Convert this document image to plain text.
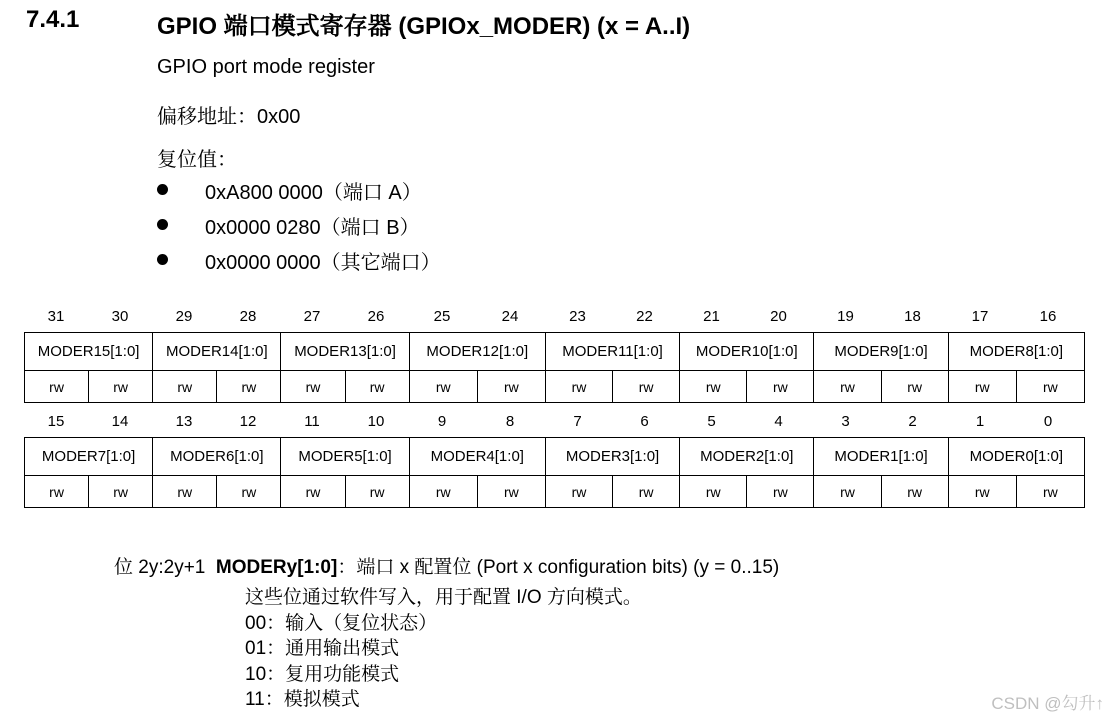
7.4.1	GPIO 端口模式寄存器 (GPIOx_MODER) (x = A..I)
GPIO port mode register
偏移地址：0x00
复位值：
0xA800 0000（端口 A）
0x0000 0280（端口 B）
0x0000 0000（其它端口）
31	30	29	28	27	26	25	24	23	22	21	20	19	18	17	16
MODER15[1:0]		MODER14[1:0]		MODER13[1:0]		MODER12[1:0]		MODER11[1:0]		MODER10[1:0]		MODER9[1:0]		MODER8[1:0]	
rw	rw	rw	rw	rw	rw	rw	rw	rw	rw	rw	rw	rw	rw	rw	rw
15	14	13	12	11	10	9	8	7	6	5	4	3	2	1	0
MODER7[1:0]		MODER6[1:0]		MODER5[1:0]		MODER4[1:0]		MODER3[1:0]		MODER2[1:0]		MODER1[1:0]		MODER0[1:0]	
rw	rw	rw	rw	rw	rw	rw	rw	rw	rw	rw	rw	rw	rw	rw	rw
位 2y:2y+1 MODERy[1:0]：端口 x 配置位 (Port x configuration bits) (y = 0..15)
这些位通过软件写入，用于配置 I/O 方向模式。
00：输入（复位状态）
01：通用输出模式
10：复用功能模式
11：模拟模式	CSDN @勾升↑
